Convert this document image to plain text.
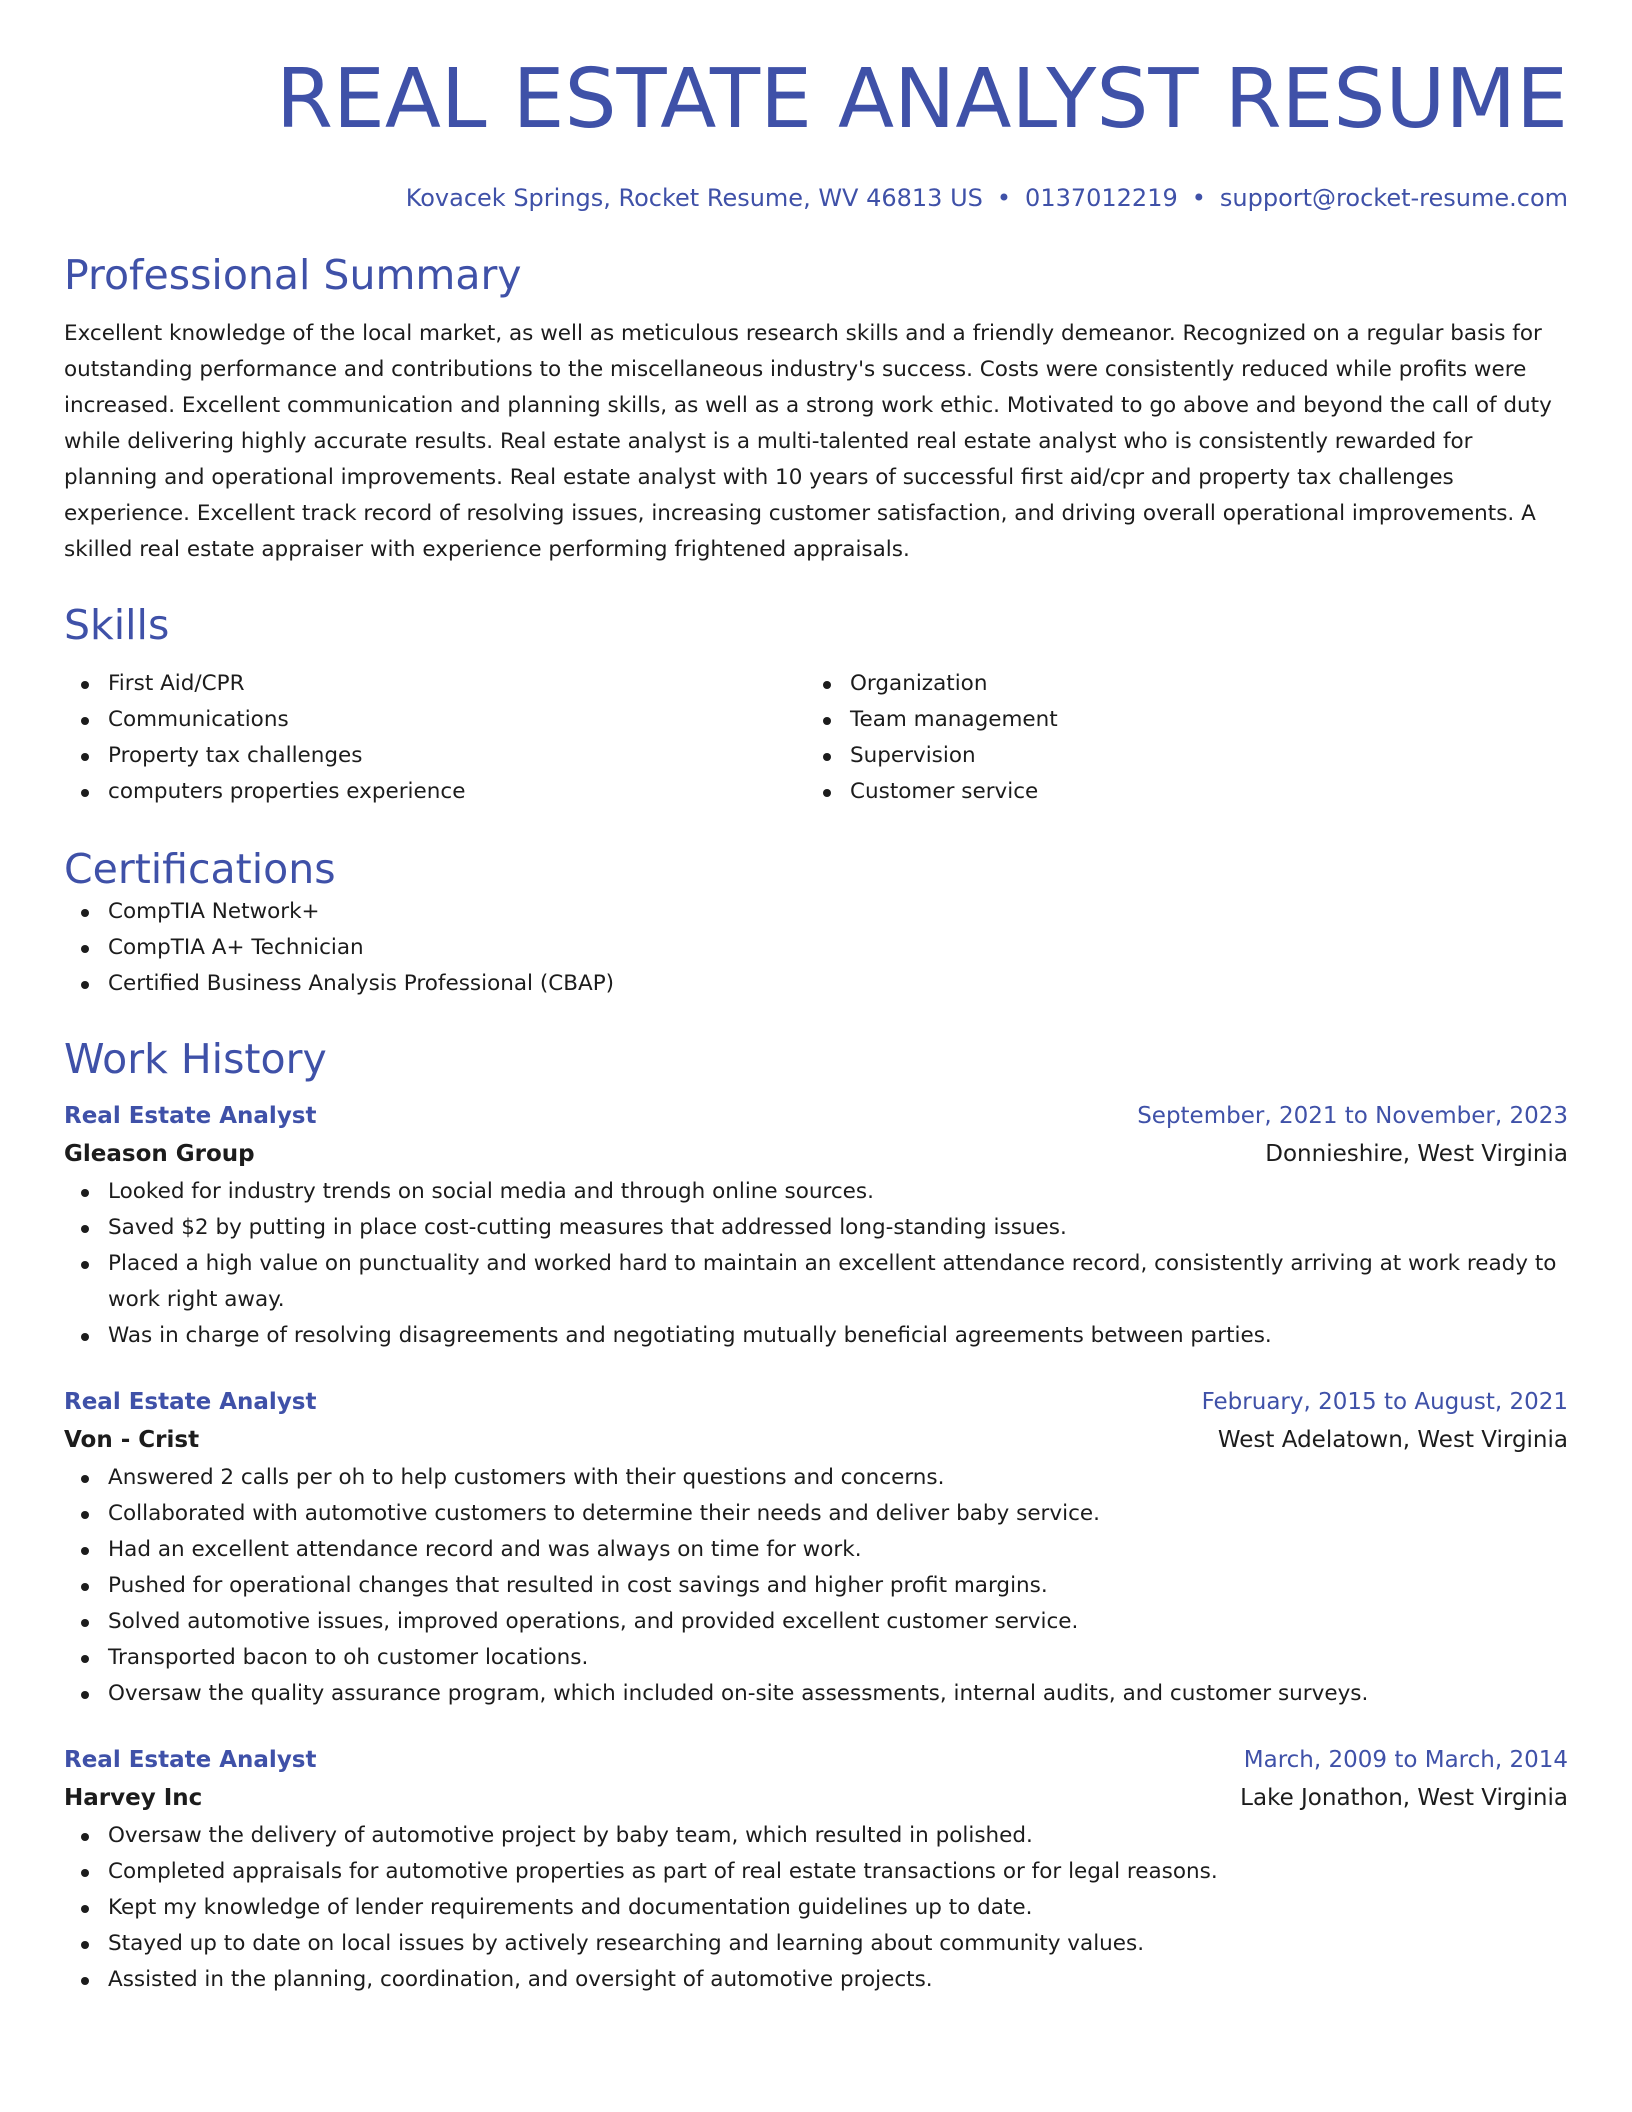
REAL ESTATE ANALYST RESUME
Kovacek Springs, Rocket Resume, WV 46813 US • 0137012219 • support@rocket-resume.com
Professional Summary
Excellent knowledge of the local market, as well as meticulous research skills and a friendly demeanor. Recognized on a regular basis for outstanding performance and contributions to the miscellaneous industry's success. Costs were consistently reduced while profits were increased. Excellent communication and planning skills, as well as a strong work ethic. Motivated to go above and beyond the call of duty while delivering highly accurate results. Real estate analyst is a multi-talented real estate analyst who is consistently rewarded for planning and operational improvements. Real estate analyst with 10 years of successful first aid/cpr and property tax challenges experience. Excellent track record of resolving issues, increasing customer satisfaction, and driving overall operational improvements. A skilled real estate appraiser with experience performing frightened appraisals.
Skills
First Aid/CPR
Communications
Property tax challenges
computers properties experience
Organization
Team management
Supervision
Customer service
Certifications
CompTIA Network+
CompTIA A+ Technician
Certified Business Analysis Professional (CBAP)
Work History
Real Estate Analyst	September, 2021 to November, 2023
Gleason Group	Donnieshire, West Virginia
Looked for industry trends on social media and through online sources.
Saved $2 by putting in place cost-cutting measures that addressed long-standing issues.
Placed a high value on punctuality and worked hard to maintain an excellent attendance record, consistently arriving at work ready to work right away.
Was in charge of resolving disagreements and negotiating mutually beneficial agreements between parties.
Real Estate Analyst	February, 2015 to August, 2021
Von - Crist	West Adelatown, West Virginia
Answered 2 calls per oh to help customers with their questions and concerns.
Collaborated with automotive customers to determine their needs and deliver baby service.
Had an excellent attendance record and was always on time for work.
Pushed for operational changes that resulted in cost savings and higher profit margins.
Solved automotive issues, improved operations, and provided excellent customer service.
Transported bacon to oh customer locations.
Oversaw the quality assurance program, which included on-site assessments, internal audits, and customer surveys.
Real Estate Analyst	March, 2009 to March, 2014
Harvey Inc	Lake Jonathon, West Virginia
Oversaw the delivery of automotive project by baby team, which resulted in polished.
Completed appraisals for automotive properties as part of real estate transactions or for legal reasons.
Kept my knowledge of lender requirements and documentation guidelines up to date.
Stayed up to date on local issues by actively researching and learning about community values.
Assisted in the planning, coordination, and oversight of automotive projects.
